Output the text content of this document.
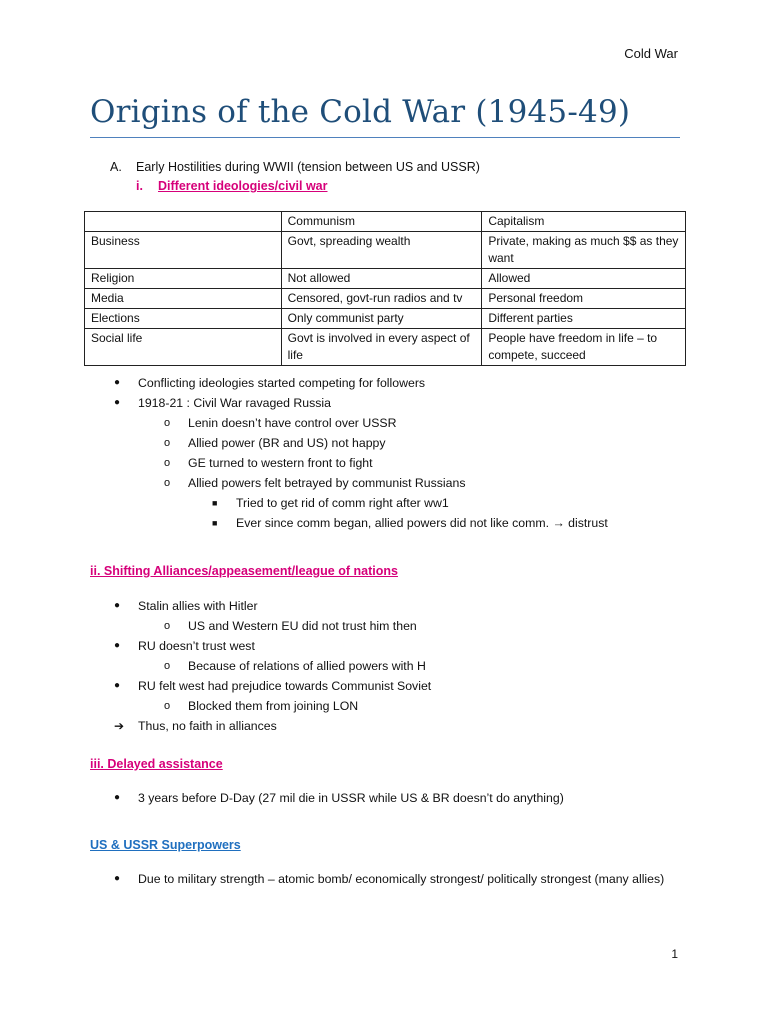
Cold War
Origins of the Cold War (1945-49)
A. Early Hostilities during WWII (tension between US and USSR)
i. Different ideologies/civil war
	Communism	Capitalism
Business	Govt, spreading wealth	Private, making as much $$ as they want
Religion	Not allowed	Allowed
Media	Censored, govt-run radios and tv	Personal freedom
Elections	Only communist party	Different parties
Social life	Govt is involved in every aspect of life	People have freedom in life – to compete, succeed
● Conflicting ideologies started competing for followers
● 1918-21 : Civil War ravaged Russia
o Lenin doesn’t have control over USSR
o Allied power (BR and US) not happy
o GE turned to western front to fight
o Allied powers felt betrayed by communist Russians
■ Tried to get rid of comm right after ww1
■ Ever since comm began, allied powers did not like comm. → distrust
ii. Shifting Alliances/appeasement/league of nations
● Stalin allies with Hitler
o US and Western EU did not trust him then
● RU doesn’t trust west
o Because of relations of allied powers with H
● RU felt west had prejudice towards Communist Soviet
o Blocked them from joining LON
➔ Thus, no faith in alliances
iii. Delayed assistance
● 3 years before D-Day (27 mil die in USSR while US & BR doesn’t do anything)
US & USSR Superpowers
● Due to military strength – atomic bomb/ economically strongest/ politically strongest (many allies)
1
